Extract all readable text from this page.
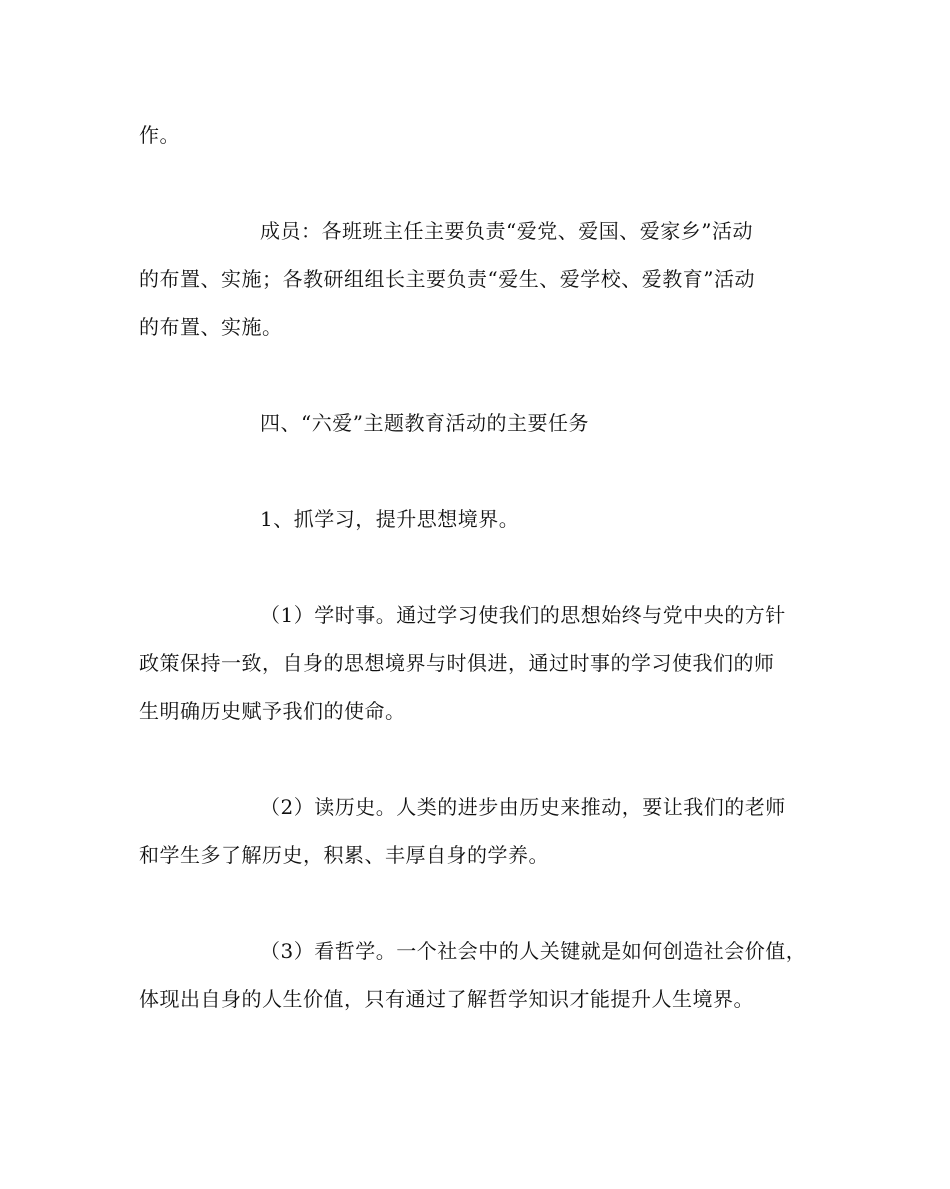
作。
成员：各班班主任主要负责“爱党、爱国、爱家乡”活动
的布置、实施；各教研组组长主要负责“爱生、爱学校、爱教育”活动
的布置、实施。
四、“六爱”主题教育活动的主要任务
1、抓学习，提升思想境界。
（1）学时事。通过学习使我们的思想始终与党中央的方针
政策保持一致，自身的思想境界与时俱进，通过时事的学习使我们的师
生明确历史赋予我们的使命。
（2）读历史。人类的进步由历史来推动，要让我们的老师
和学生多了解历史，积累、丰厚自身的学养。
（3）看哲学。一个社会中的人关键就是如何创造社会价值，
体现出自身的人生价值，只有通过了解哲学知识才能提升人生境界。
